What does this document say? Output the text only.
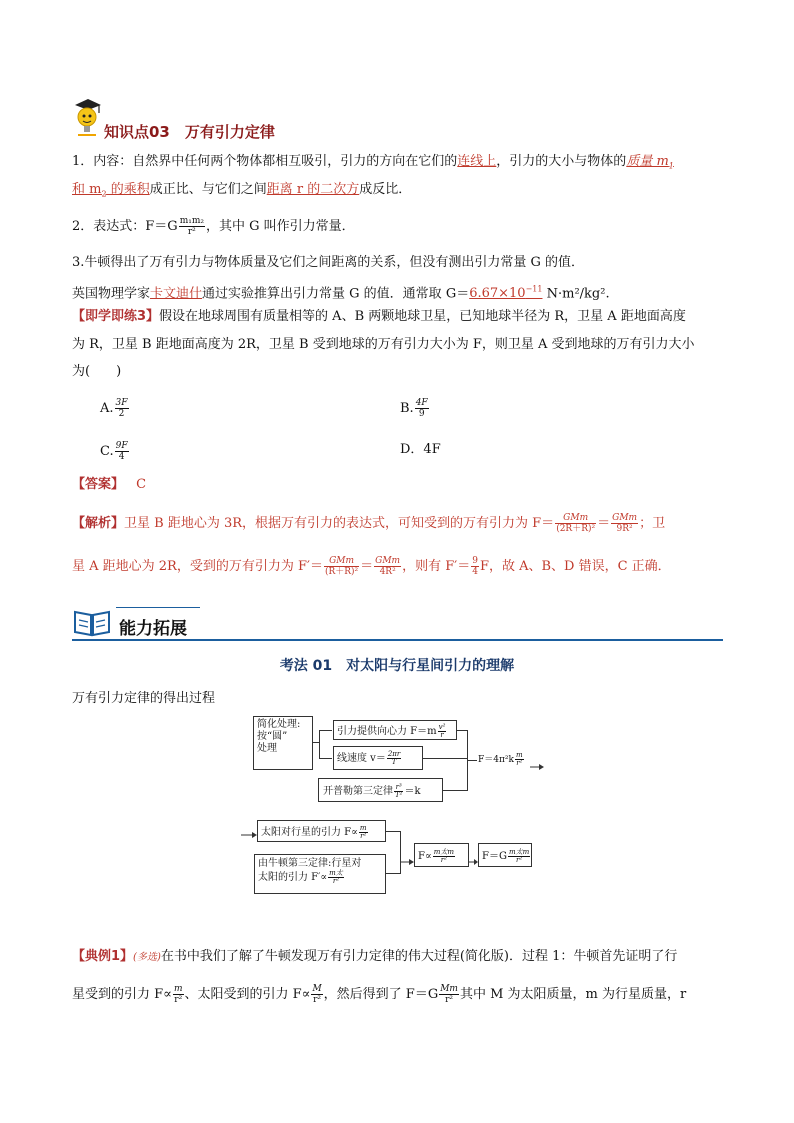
知识点03　万有引力定律
1．内容：自然界中任何两个物体都相互吸引，引力的方向在它们的连线上，引力的大小与物体的质量 $m_1$
和 $m_2$ 的乘积成正比、与它们之间距离 r 的二次方成反比．
2．表达式：$F=G \frac{\text{m₁m₂}}{\text{r²}}$ ，其中 G 叫作引力常量．
3.牛顿得出了万有引力与物体质量及它们之间距离的关系，但没有测出引力常量 G 的值．
英国物理学家卡文迪什通过实验推算出引力常量 G 的值．通常取 $G=6.67\times 10^{-11}$ N·m²/kg².
【即学即练3】假设在地球周围有质量相等的 A、B 两颗地球卫星，已知地球半径为 R，卫星 A 距地面高度
为 R，卫星 B 距地面高度为 2R，卫星 B 受到地球的万有引力大小为 F，则卫星 A 受到地球的万有引力大小
为(　　)
A. $\frac{3F}{2}$	B. $\frac{4F}{9}$
C. $\frac{9F}{4}$	D．4F
【答案】 C
【解析】卫星 B 距地心为 3R，根据万有引力的表达式，可知受到的万有引力为 $F= \frac{\text{GMm}}{\text{(2R＋R)²}} = \frac{\text{GMm}}{\text{9R²}}$ ；卫
星 A 距地心为 2R，受到的万有引力为 $F'= \frac{\text{GMm}}{\text{(R＋R)²}} = \frac{\text{GMm}}{\text{4R²}}$ ，则有 $F'= \frac{9}{4}$ F，故 A、B、D 错误，C 正确．
能力拓展
考法 01　对太阳与行星间引力的理解
万有引力定律的得出过程
简化处理:
按“圆”
处理
引力提供向心力 $F=m \frac{\text{v²}}{r}$
线速度 $v= \frac{2\pi r}{T}$
开普勒第三定律 $\frac{\text{r³}}{\text{T²}} =k$
$F=4\pi^2k \frac{m}{\text{r²}}$
太阳对行星的引力 $F\propto \frac{m}{\text{r²}}$
由牛顿第三定律:行星对
太阳的引力 $F'\propto \frac{\text{m太}}{\text{r²}}$
$F\propto \frac{\text{m太m}}{\text{r²}}$	$F=G \frac{\text{m太m}}{\text{r²}}$
【典例1】(多选)在书中我们了解了牛顿发现万有引力定律的伟大过程(简化版)．过程 1：牛顿首先证明了行
星受到的引力 $F\propto \frac{m}{\text{r²}}$ 、太阳受到的引力 $F\propto \frac{M}{\text{r²}}$ ，然后得到了 $F=G \frac{Mm}{\text{r²}}$ 其中 M 为太阳质量，m 为行星质量，r
